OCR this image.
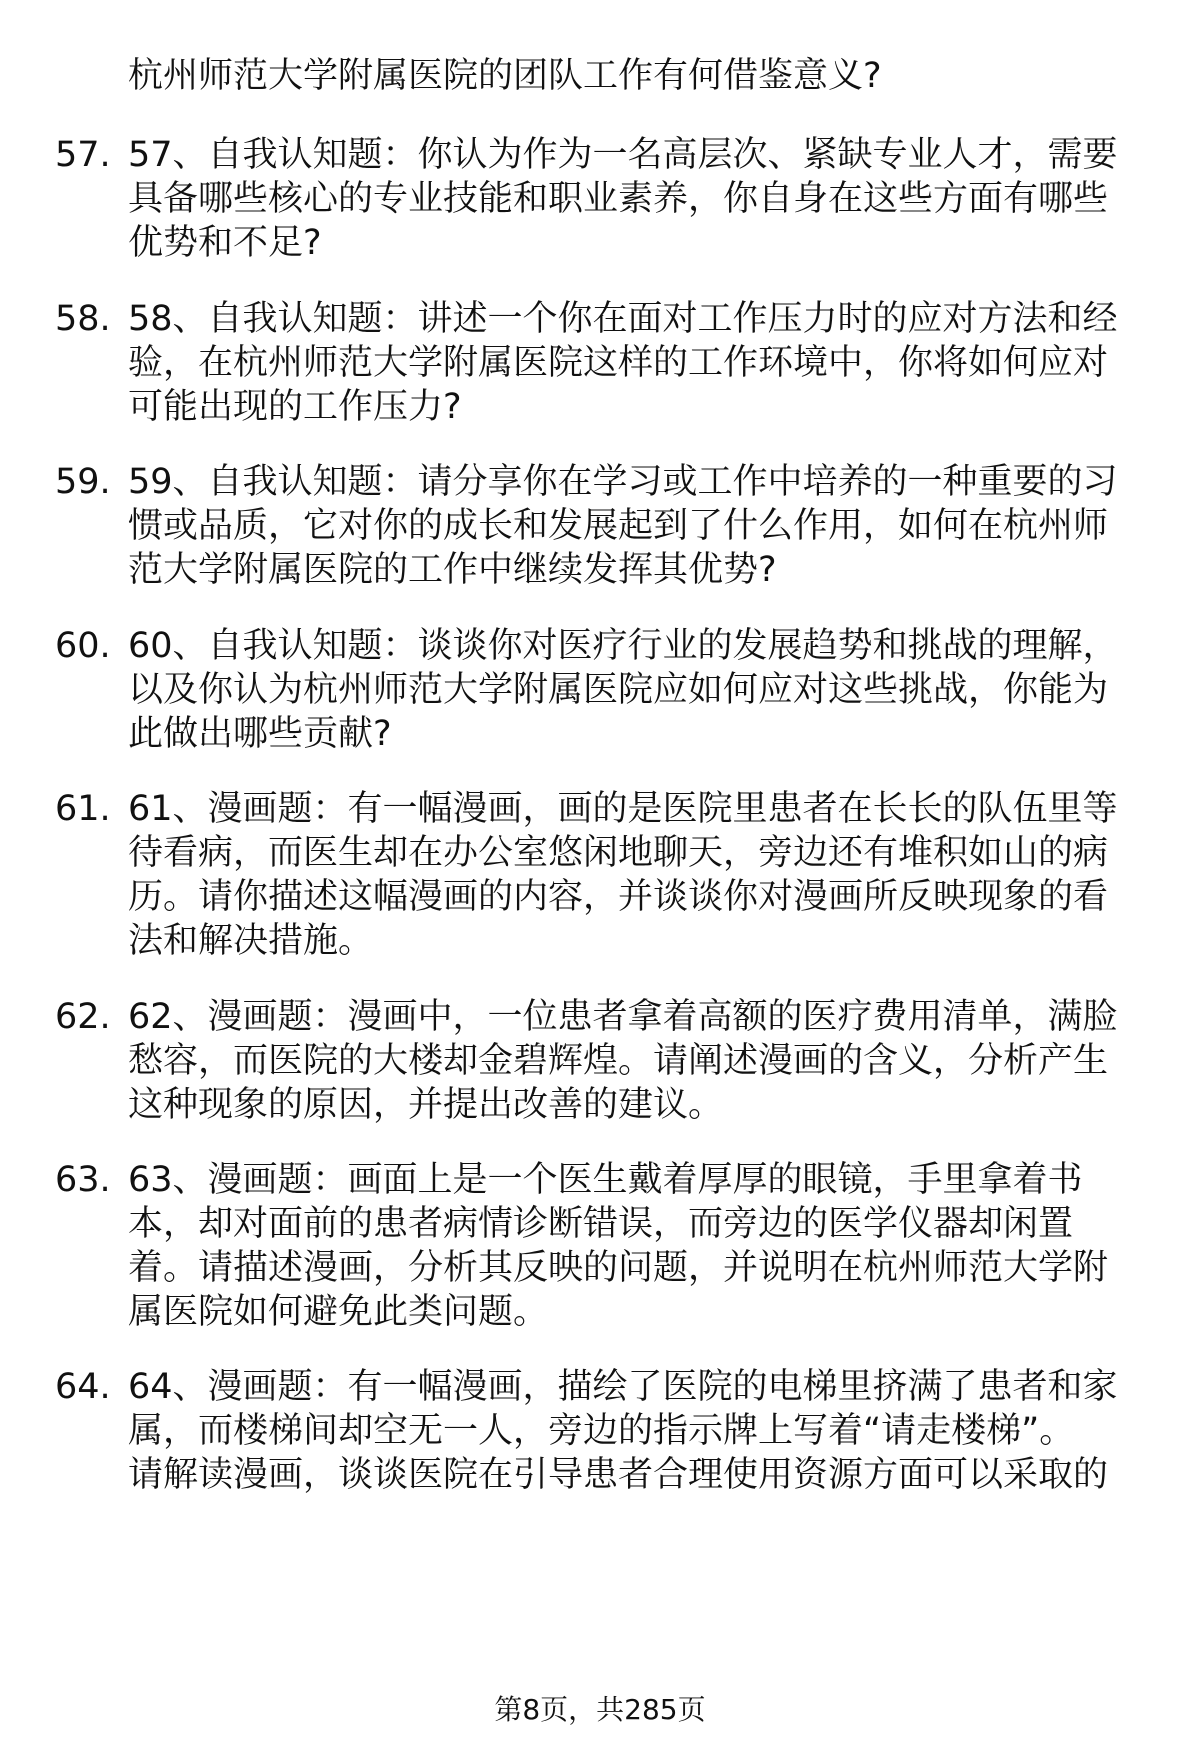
杭州师范大学附属医院的团队工作有何借鉴意义?
57. 57、自我认知题：你认为作为一名高层次、紧缺专业人才，需要
具备哪些核心的专业技能和职业素养，你自身在这些方面有哪些
优势和不足?
58. 58、自我认知题：讲述一个你在面对工作压力时的应对方法和经
验，在杭州师范大学附属医院这样的工作环境中，你将如何应对
可能出现的工作压力?
59. 59、自我认知题：请分享你在学习或工作中培养的一种重要的习
惯或品质，它对你的成长和发展起到了什么作用，如何在杭州师
范大学附属医院的工作中继续发挥其优势?
60. 60、自我认知题：谈谈你对医疗行业的发展趋势和挑战的理解，
以及你认为杭州师范大学附属医院应如何应对这些挑战，你能为
此做出哪些贡献?
61. 61、漫画题：有一幅漫画，画的是医院里患者在长长的队伍里等
待看病，而医生却在办公室悠闲地聊天，旁边还有堆积如山的病
历。请你描述这幅漫画的内容，并谈谈你对漫画所反映现象的看
法和解决措施。
62. 62、漫画题：漫画中，一位患者拿着高额的医疗费用清单，满脸
愁容，而医院的大楼却金碧辉煌。请阐述漫画的含义，分析产生
这种现象的原因，并提出改善的建议。
63. 63、漫画题：画面上是一个医生戴着厚厚的眼镜，手里拿着书
本，却对面前的患者病情诊断错误，而旁边的医学仪器却闲置
着。请描述漫画，分析其反映的问题，并说明在杭州师范大学附
属医院如何避免此类问题。
64. 64、漫画题：有一幅漫画，描绘了医院的电梯里挤满了患者和家
属，而楼梯间却空无一人，旁边的指示牌上写着“请走楼梯”。
请解读漫画，谈谈医院在引导患者合理使用资源方面可以采取的
第8页，共285页
